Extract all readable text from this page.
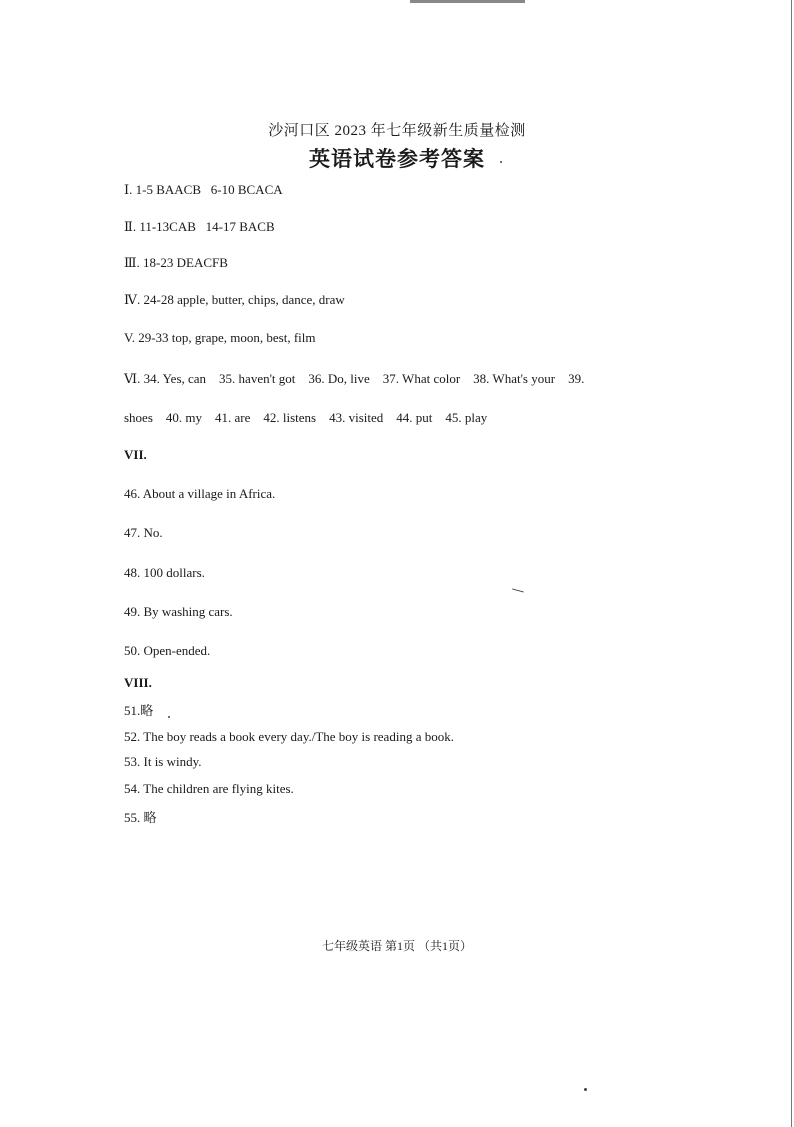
沙河口区 2023 年七年级新生质量检测
英语试卷参考答案
Ⅰ. 1-5 BAACB   6-10 BCACA
Ⅱ. 11-13CAB   14-17 BACB
Ⅲ. 18-23 DEACFB
Ⅳ. 24-28 apple, butter, chips, dance, draw
V. 29-33 top, grape, moon, best, film
Ⅵ. 34. Yes, can    35. haven't got    36. Do, live    37. What color    38. What's your    39.
shoes    40. my    41. are    42. listens    43. visited    44. put    45. play
VII.
46. About a village in Africa.
47. No.
48. 100 dollars.
49. By washing cars.
50. Open-ended.
VIII.
51.略
52. The boy reads a book every day./The boy is reading a book.
53. It is windy.
54. The children are flying kites.
55. 略
七年级英语 第1页 （共1页）
